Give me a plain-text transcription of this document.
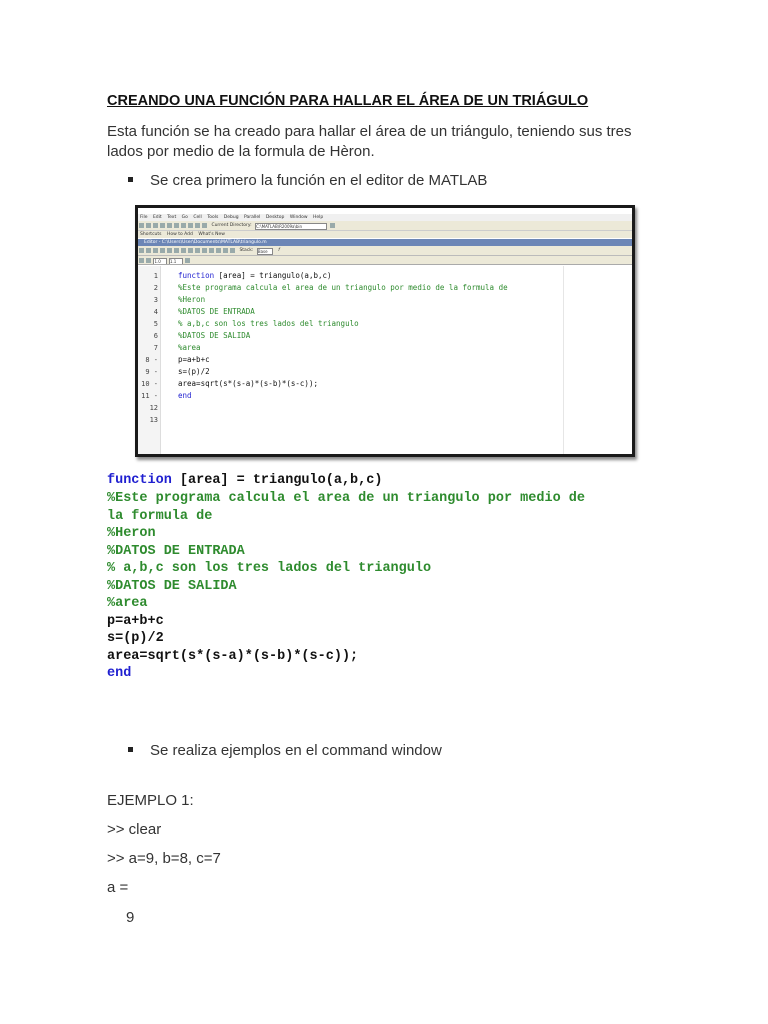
CREANDO UNA FUNCIÓN PARA HALLAR EL ÁREA DE UN TRIÁGULO
Esta función se ha creado para hallar el área de un triángulo, teniendo sus tres lados por medio de la formula de Hèron.
Se crea primero la función en el editor de MATLAB
File Edit Text Go Cell Tools Debug Parallel Desktop Window Help
Current Directory: C:\MATLAB\R2009a\bin
Shortcuts How to Add What's New
Editor - C:\Users\User\Documents\MATLAB\triangulo.m
Stack: Base f
1.0 1.1
1
2
3
4
5
6
7
8 -
9 -
10 -
11 -
12
13
function [area] = triangulo(a,b,c)
%Este programa calcula el area de un triangulo por medio de la formula de
%Heron
%DATOS DE ENTRADA
% a,b,c son los tres lados del triangulo
%DATOS DE SALIDA
%area
p=a+b+c
s=(p)/2
area=sqrt(s*(s-a)*(s-b)*(s-c));
end
function [area] = triangulo(a,b,c)
%Este programa calcula el area de un triangulo por medio de
la formula de
%Heron
%DATOS DE ENTRADA
% a,b,c son los tres lados del triangulo
%DATOS DE SALIDA
%area
p=a+b+c
s=(p)/2
area=sqrt(s*(s-a)*(s-b)*(s-c));
end
Se realiza ejemplos en el command window
EJEMPLO 1:
>> clear
>> a=9, b=8, c=7
a =
9
